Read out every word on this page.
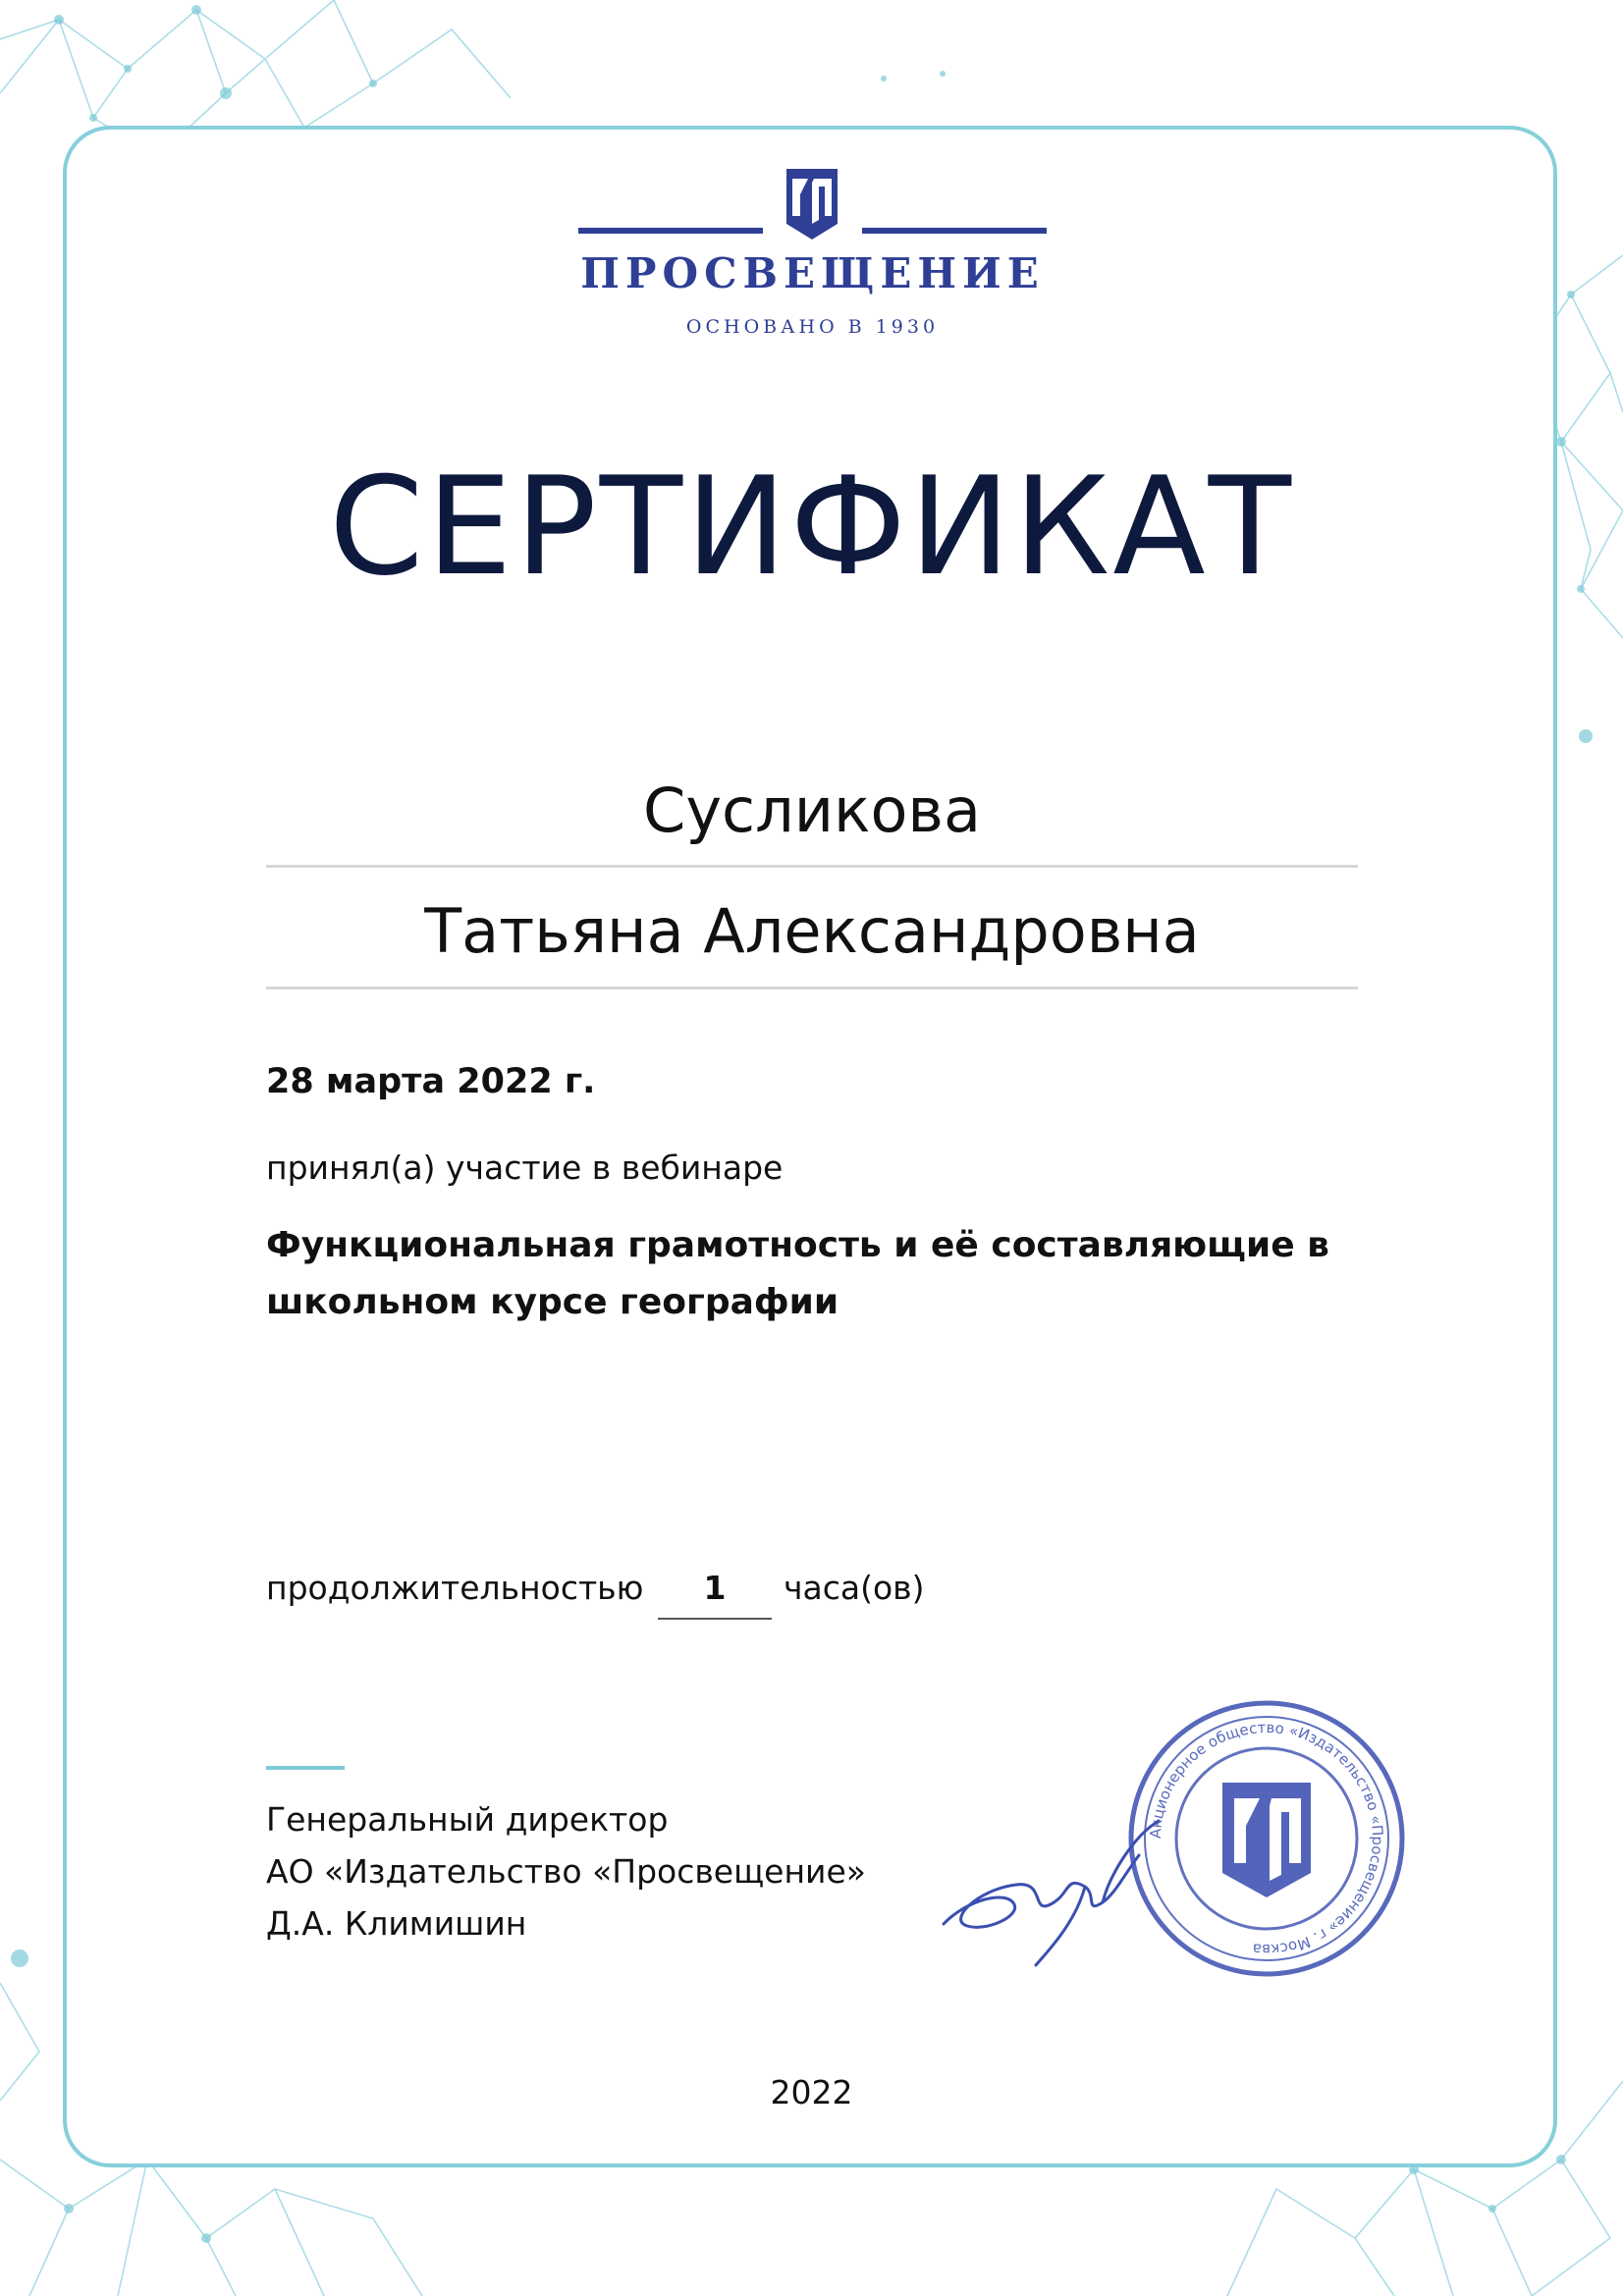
ПРОСВЕЩЕНИЕ
ОСНОВАНО В 1930
СЕРТИФИКАТ
Сусликова
Татьяна Александровна
28 марта 2022 г.
принял(а) участие в вебинаре
Функциональная грамотность и её составляющие в школьном курсе географии
продолжительностью	1	часа(ов)
Генеральный директор
АО «Издательство «Просвещение»
Д.А. Климишин
Акционерное общество «Издательство «Просвещение» г. Москва
2022
